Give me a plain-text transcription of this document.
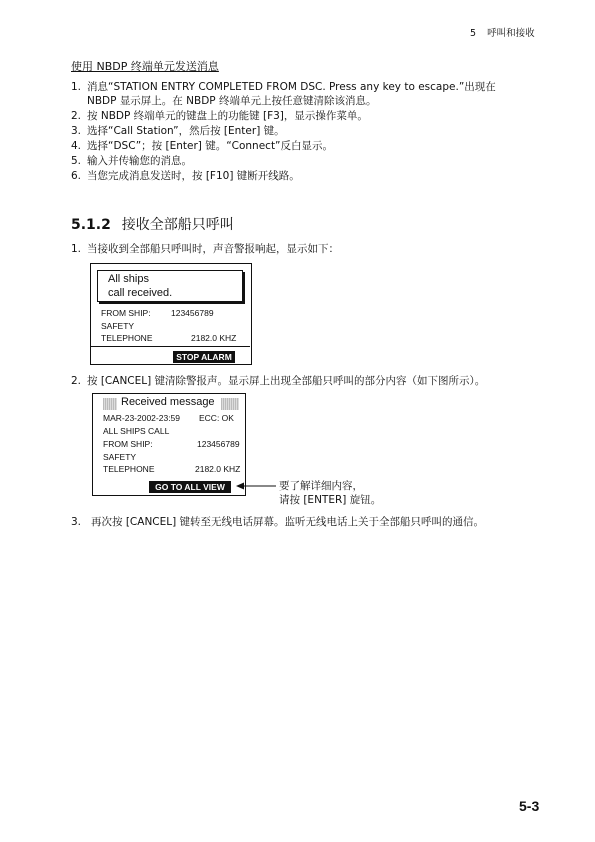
5 呼叫和接收
使用 NBDP 终端单元发送消息
1. 消息“STATION ENTRY COMPLETED FROM DSC. Press any key to escape.”出现在
NBDP 显示屏上。在 NBDP 终端单元上按任意键清除该消息。
2. 按 NBDP 终端单元的键盘上的功能键 [F3]，显示操作菜单。
3. 选择“Call Station”，然后按 [Enter] 键。
4. 选择“DSC”；按 [Enter] 键。“Connect”反白显示。
5. 输入并传输您的消息。
6. 当您完成消息发送时，按 [F10] 键断开线路。
5.1.2 接收全部船只呼叫
1. 当接收到全部船只呼叫时，声音警报响起，显示如下：
All ships
call received.
FROM SHIP: 123456789
SAFETY
TELEPHONE	2182.0 KHZ
STOP ALARM
2. 按 [CANCEL] 键清除警报声。显示屏上出现全部船只呼叫的部分内容（如下图所示）。
Received message
MAR-23-2002-23:59 ECC: OK
ALL SHIPS CALL
FROM SHIP:	123456789
SAFETY
TELEPHONE	2182.0 KHZ
GO TO ALL VIEW	要了解详细内容，
请按 [ENTER] 旋钮。
3. 再次按 [CANCEL] 键转至无线电话屏幕。监听无线电话上关于全部船只呼叫的通信。
5-3
